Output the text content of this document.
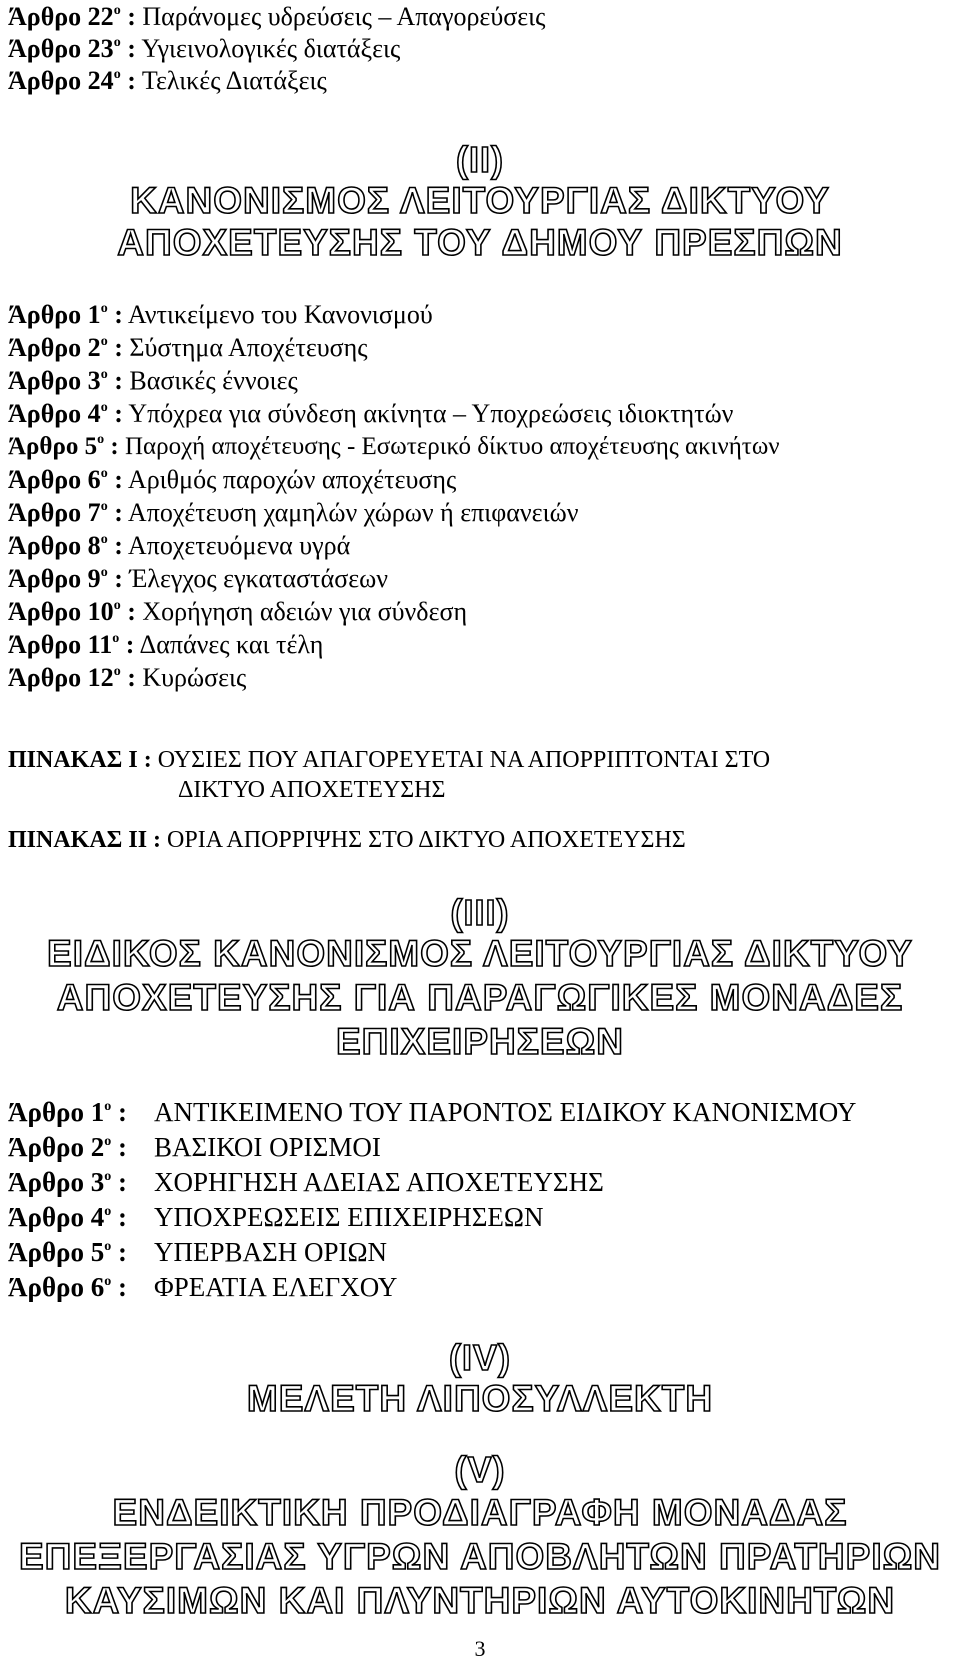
Άρθρο $22^o$ : Παράνομες υδρεύσεις – Απαγορεύσεις
Άρθρο $23^o$ : Υγιεινολογικές διατάξεις
Άρθρο $24^o$ : Τελικές Διατάξεις
(ΙΙ)
ΚΑΝΟΝΙΣΜΟΣ ΛΕΙΤΟΥΡΓΙΑΣ ΔΙΚΤΥΟΥ
ΑΠΟΧΕΤΕΥΣΗΣ ΤΟΥ ΔΗΜΟΥ ΠΡΕΣΠΩΝ
Άρθρο $1^o$ : Αντικείμενο του Κανονισμού
Άρθρο $2^o$ : Σύστημα Αποχέτευσης
Άρθρο $3^o$ : Βασικές έννοιες
Άρθρο $4^o$ : Υπόχρεα για σύνδεση ακίνητα – Υποχρεώσεις ιδιοκτητών
Άρθρο $5^o$ : Παροχή αποχέτευσης - Εσωτερικό δίκτυο αποχέτευσης ακινήτων
Άρθρο $6^o$ : Αριθμός παροχών αποχέτευσης
Άρθρο $7^o$ : Αποχέτευση χαμηλών χώρων ή επιφανειών
Άρθρο $8^o$ : Αποχετευόμενα υγρά
Άρθρο $9^o$ : Έλεγχος εγκαταστάσεων
Άρθρο $10^o$ : Χορήγηση αδειών για σύνδεση
Άρθρο $11^o$ : Δαπάνες και τέλη
Άρθρο $12^o$ : Κυρώσεις
ΠΙΝΑΚΑΣ Ι : ΟΥΣΙΕΣ ΠΟΥ ΑΠΑΓΟΡΕΥΕΤΑΙ ΝΑ ΑΠΟΡΡΙΠΤΟΝΤΑΙ ΣΤΟ
ΔΙΚΤΥΟ ΑΠΟΧΕΤΕΥΣΗΣ
ΠΙΝΑΚΑΣ ΙΙ : ΟΡΙΑ ΑΠΟΡΡΙΨΗΣ ΣΤΟ ΔΙΚΤΥΟ ΑΠΟΧΕΤΕΥΣΗΣ
(ΙΙΙ)
ΕΙΔΙΚΟΣ ΚΑΝΟΝΙΣΜΟΣ ΛΕΙΤΟΥΡΓΙΑΣ ΔΙΚΤΥΟΥ
ΑΠΟΧΕΤΕΥΣΗΣ ΓΙΑ ΠΑΡΑΓΩΓΙΚΕΣ ΜΟΝΑΔΕΣ
ΕΠΙΧΕΙΡΗΣΕΩΝ
Άρθρο $1^o$ : ΑΝΤΙΚΕΙΜΕΝΟ ΤΟΥ ΠΑΡΟΝΤΟΣ ΕΙΔΙΚΟΥ ΚΑΝΟΝΙΣΜΟΥ
Άρθρο $2^o$ : ΒΑΣΙΚΟΙ ΟΡΙΣΜΟΙ
Άρθρο $3^o$ : ΧΟΡΗΓΗΣΗ ΑΔΕΙΑΣ ΑΠΟΧΕΤΕΥΣΗΣ
Άρθρο $4^o$ : ΥΠΟΧΡΕΩΣΕΙΣ ΕΠΙΧΕΙΡΗΣΕΩΝ
Άρθρο $5^o$ : ΥΠΕΡΒΑΣΗ ΟΡΙΩΝ
Άρθρο $6^o$ : ΦΡΕΑΤΙΑ ΕΛΕΓΧΟΥ
(ΙV)
ΜΕΛΕΤΗ ΛΙΠΟΣΥΛΛΕΚΤΗ
(V)
ΕΝΔΕΙΚΤΙΚΗ ΠΡΟΔΙΑΓΡΑΦΗ ΜΟΝΑΔΑΣ
ΕΠΕΞΕΡΓΑΣΙΑΣ ΥΓΡΩΝ ΑΠΟΒΛΗΤΩΝ ΠΡΑΤΗΡΙΩΝ
ΚΑΥΣΙΜΩΝ ΚΑΙ ΠΛΥΝΤΗΡΙΩΝ ΑΥΤΟΚΙΝΗΤΩΝ
3
